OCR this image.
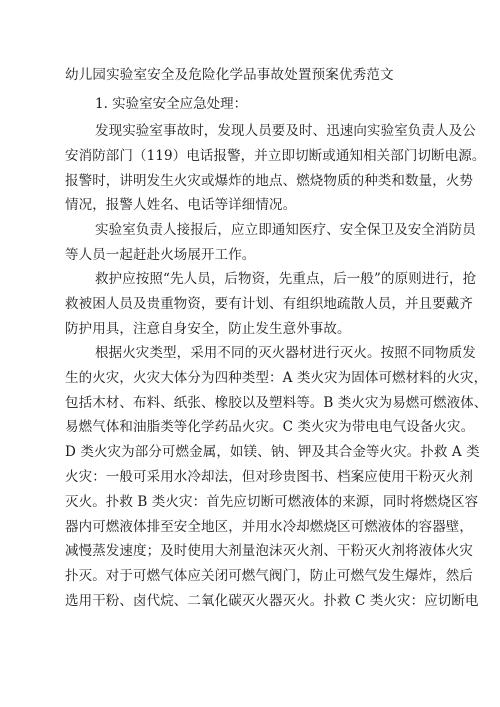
幼儿园实验室安全及危险化学品事故处置预案优秀范文
1. 实验室安全应急处理：
发现实验室事故时，发现人员要及时、迅速向实验室负责人及公
安消防部门（119）电话报警，并立即切断或通知相关部门切断电源。
报警时，讲明发生火灾或爆炸的地点、燃烧物质的种类和数量，火势
情况，报警人姓名、电话等详细情况。
实验室负责人接报后，应立即通知医疗、安全保卫及安全消防员
等人员一起赶赴火场展开工作。
救护应按照“先人员，后物资，先重点，后一般”的原则进行，抢
救被困人员及贵重物资，要有计划、有组织地疏散人员，并且要戴齐
防护用具，注意自身安全，防止发生意外事故。
根据火灾类型，采用不同的灭火器材进行灭火。按照不同物质发
生的火灾，火灾大体分为四种类型：A 类火灾为固体可燃材料的火灾，
包括木材、布料、纸张、橡胶以及塑料等。B 类火灾为易燃可燃液体、
易燃气体和油脂类等化学药品火灾。C 类火灾为带电电气设备火灾。
D 类火灾为部分可燃金属，如镁、钠、钾及其合金等火灾。扑救 A 类
火灾：一般可采用水冷却法，但对珍贵图书、档案应使用干粉灭火剂
灭火。扑救 B 类火灾：首先应切断可燃液体的来源，同时将燃烧区容
器内可燃液体排至安全地区，并用水冷却燃烧区可燃液体的容器壁，
减慢蒸发速度；及时使用大剂量泡沫灭火剂、干粉灭火剂将液体火灾
扑灭。对于可燃气体应关闭可燃气阀门，防止可燃气发生爆炸，然后
选用干粉、卤代烷、二氧化碳灭火器灭火。扑救 C 类火灾：应切断电
